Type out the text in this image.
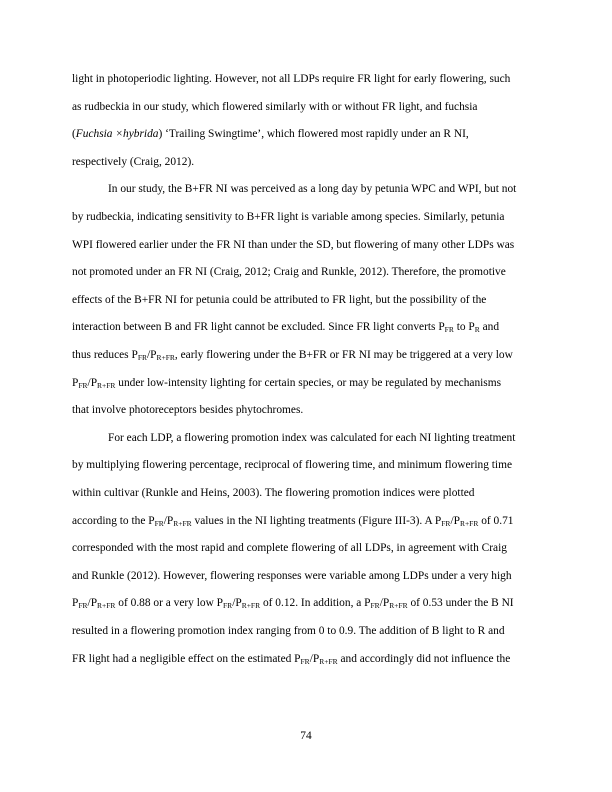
light in photoperiodic lighting. However, not all LDPs require FR light for early flowering, such
as rudbeckia in our study, which flowered similarly with or without FR light, and fuchsia
(Fuchsia ×hybrida) ‘Trailing Swingtime’, which flowered most rapidly under an R NI,
respectively (Craig, 2012).
In our study, the B+FR NI was perceived as a long day by petunia WPC and WPI, but not
by rudbeckia, indicating sensitivity to B+FR light is variable among species. Similarly, petunia
WPI flowered earlier under the FR NI than under the SD, but flowering of many other LDPs was
not promoted under an FR NI (Craig, 2012; Craig and Runkle, 2012). Therefore, the promotive
effects of the B+FR NI for petunia could be attributed to FR light, but the possibility of the
interaction between B and FR light cannot be excluded. Since FR light converts PFR to PR and
thus reduces PFR/PR+FR, early flowering under the B+FR or FR NI may be triggered at a very low
PFR/PR+FR under low-intensity lighting for certain species, or may be regulated by mechanisms
that involve photoreceptors besides phytochromes.
For each LDP, a flowering promotion index was calculated for each NI lighting treatment
by multiplying flowering percentage, reciprocal of flowering time, and minimum flowering time
within cultivar (Runkle and Heins, 2003). The flowering promotion indices were plotted
according to the PFR/PR+FR values in the NI lighting treatments (Figure III-3). A PFR/PR+FR of 0.71
corresponded with the most rapid and complete flowering of all LDPs, in agreement with Craig
and Runkle (2012). However, flowering responses were variable among LDPs under a very high
PFR/PR+FR of 0.88 or a very low PFR/PR+FR of 0.12. In addition, a PFR/PR+FR of 0.53 under the B NI
resulted in a flowering promotion index ranging from 0 to 0.9. The addition of B light to R and
FR light had a negligible effect on the estimated PFR/PR+FR and accordingly did not influence the
74
